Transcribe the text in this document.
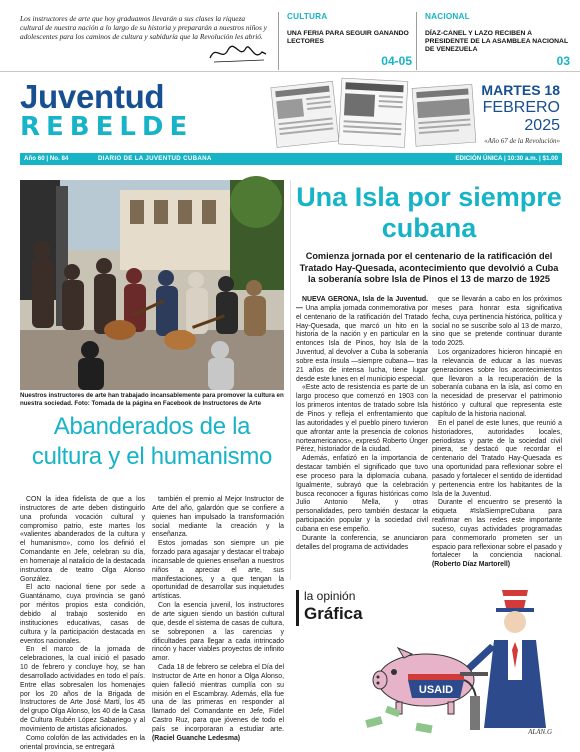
Los instructores de arte que hoy graduamos llevarán a sus clases la riqueza cultural de nuestra nación a lo largo de su historia y prepararán a nuestros niños y adolescentes para los caminos de cultura y sabiduría que la Revolución les abrió.

CULTURA
UNA FERIA PARA SEGUIR GANANDO LECTORES
04-05
NACIONAL
DÍAZ-CANEL Y LAZO RECIBEN A PRESIDENTE DE LA ASAMBLEA NACIONAL DE VENEZUELA
03
Juventud
REBELDE
MARTES 18
FEBRERO
2025
«Año 67 de la Revolución»
Año 60 | No. 84	DIARIO DE LA JUVENTUD CUBANA	EDICIÓN ÚNICA | 10:30 a.m. | $1.00

Nuestros instructores de arte han trabajado incansablemente para promover la cultura en nuestra sociedad. Foto: Tomada de la página en Facebook de Instructores de Arte

Abanderados de la cultura y el humanismo

CON la idea fidelista de que a los instructores de arte deben distinguirlo una profunda vocación cultural y compromiso patrio, este martes los «valientes abanderados de la cultura y el humanismo», como los definió el Comandante en Jefe, celebran su día, en homenaje al natalicio de la destacada instructora de teatro Olga Alonso González.

El acto nacional tiene por sede a Guantánamo, cuya provincia se ganó por méritos propios esta condición, debido al trabajo sostenido en instituciones educativas, casas de cultura y la participación destacada en eventos nacionales.

En el marco de la jornada de celebraciones, la cual inició el pasado 10 de febrero y concluye hoy, se han desarrollado actividades en todo el país. Entre ellas sobresalen los homenajes por los 20 años de la Brigada de Instructores de Arte José Martí, los 45 del grupo Olga Alonso, los 40 de la Casa de Cultura Rubén López Sabariego y al movimiento de artistas aficionados.

Como colofón de las actividades en la oriental provincia, se entregará

también el premio al Mejor Instructor de Arte del año, galardón que se confiere a quienes han impulsado la transformación social mediante la creación y la enseñanza.

Estos jornadas son siempre un pie forzado para agasajar y destacar el trabajo incansable de quienes enseñan a nuestros niños a apreciar el arte, sus manifestaciones, y a que tengan la oportunidad de desarrollar sus inquietudes artísticas.

Con la esencia juvenil, los instructores de arte siguen siendo un bastión cultural que, desde el sistema de casas de cultura, se sobreponen a las carencias y dificultades para llegar a cada intrincado rincón y hacer viables proyectos de infinito amor.

Cada 18 de febrero se celebra el Día del Instructor de Arte en honor a Olga Alonso, quien falleció mientras cumplía con su misión en el Escambray. Además, ella fue una de las primeras en responder al llamado del Comandante en Jefe, Fidel Castro Ruz, para que jóvenes de todo el país se incorporaran a estudiar arte. (Raciel Guanche Ledesma)

Una Isla por siempre cubana

Comienza jornada por el centenario de la ratificación del Tratado Hay-Quesada, acontecimiento que devolvió a Cuba la soberanía sobre Isla de Pinos el 13 de marzo de 1925

NUEVA GERONA, Isla de la Juventud.— Una amplia jornada conmemorativa por el centenario de la ratificación del Tratado Hay-Quesada, que marcó un hito en la historia de la nación y en particular en la entonces Isla de Pinos, hoy Isla de la Juventud, al devolver a Cuba la soberanía sobre esta ínsula —siempre cubana— tras 21 años de intensa lucha, tiene lugar desde este lunes en el municipio especial.

«Este acto de resistencia es parte de un largo proceso que comenzó en 1903 con los primeros intentos de tratado sobre Isla de Pinos y refleja el enfrentamiento que las autoridades y el pueblo pinero tuvieron que afrontar ante la presencia de colonos norteamericanos», expresó Roberto Únger Pérez, historiador de la ciudad.

Además, enfatizó en la importancia de destacar también el significado que tuvo ese proceso para la diplomacia cubana. Igualmente, subrayó que la celebración busca reconocer a figuras históricas como Julio Antonio Mella, y otras personalidades, pero también destacar la participación popular y la sociedad civil cubana en ese empeño.

Durante la conferencia, se anunciaron detalles del programa de actividades

que se llevarán a cabo en los próximos meses para honrar esta significativa fecha, cuya pertinencia histórica, política y social no se suscribe solo al 13 de marzo, sino que se pretende continuar durante todo 2025.

Los organizadores hicieron hincapié en la relevancia de educar a las nuevas generaciones sobre los acontecimientos que llevaron a la recuperación de la soberanía cubana en la isla, así como en la necesidad de preservar el patrimonio histórico y cultural que representa este capítulo de la historia nacional.

En el panel de este lunes, que reunió a historiadores, autoridades locales, periodistas y parte de la sociedad civil pinera, se destacó que recordar el centenario del Tratado Hay-Quesada es una oportunidad para reflexionar sobre el pasado y fortalecer el sentido de identidad y pertenencia entre los habitantes de la Isla de la Juventud.

Durante el encuentro se presentó la etiqueta #IslaSiempreCubana para reafirmar en las redes este importante suceso, cuyas actividades programadas para conmemorarlo prometen ser un espacio para reflexionar sobre el pasado y fortalecer la conciencia nacional. (Roberto Díaz Martorell)

la opinión
Gráfica
USAID
ALÁN.G
